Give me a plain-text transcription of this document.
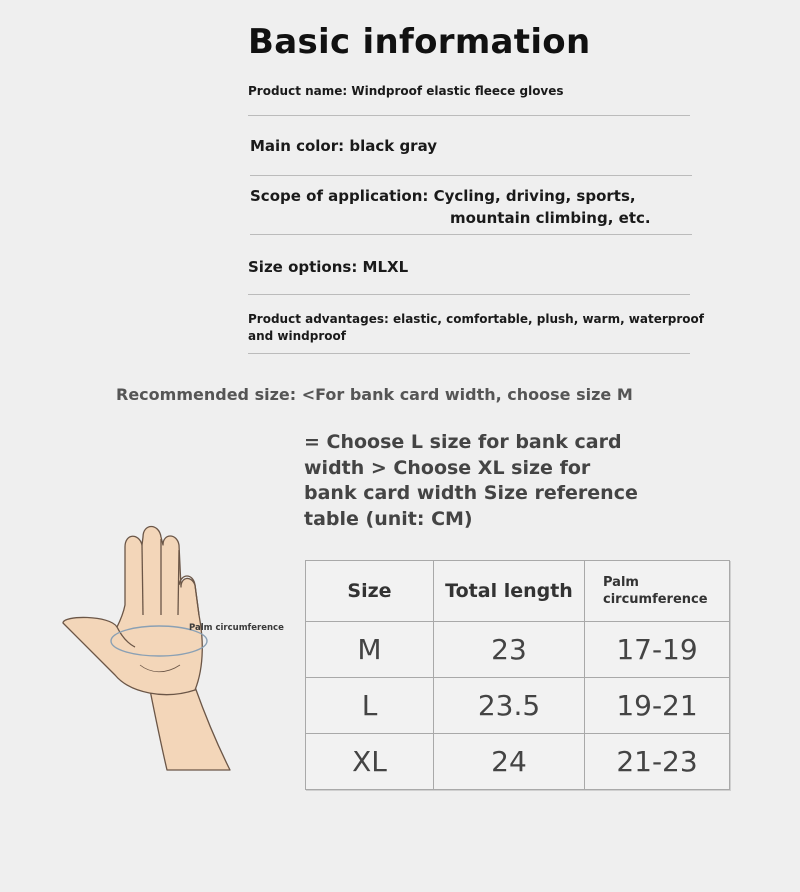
Basic information
Product name: Windproof elastic fleece gloves
Main color: black gray
Scope of application: Cycling, driving, sports,
mountain climbing, etc.
Size options: MLXL
Product advantages: elastic, comfortable, plush, warm, waterproof and windproof
Recommended size: <For bank card width, choose size M
= Choose L size for bank card width > Choose XL size for bank card width Size reference table (unit: CM)
Palm circumference
Size	Total length	Palm circumference
M	23	17-19
L	23.5	19-21
XL	24	21-23
